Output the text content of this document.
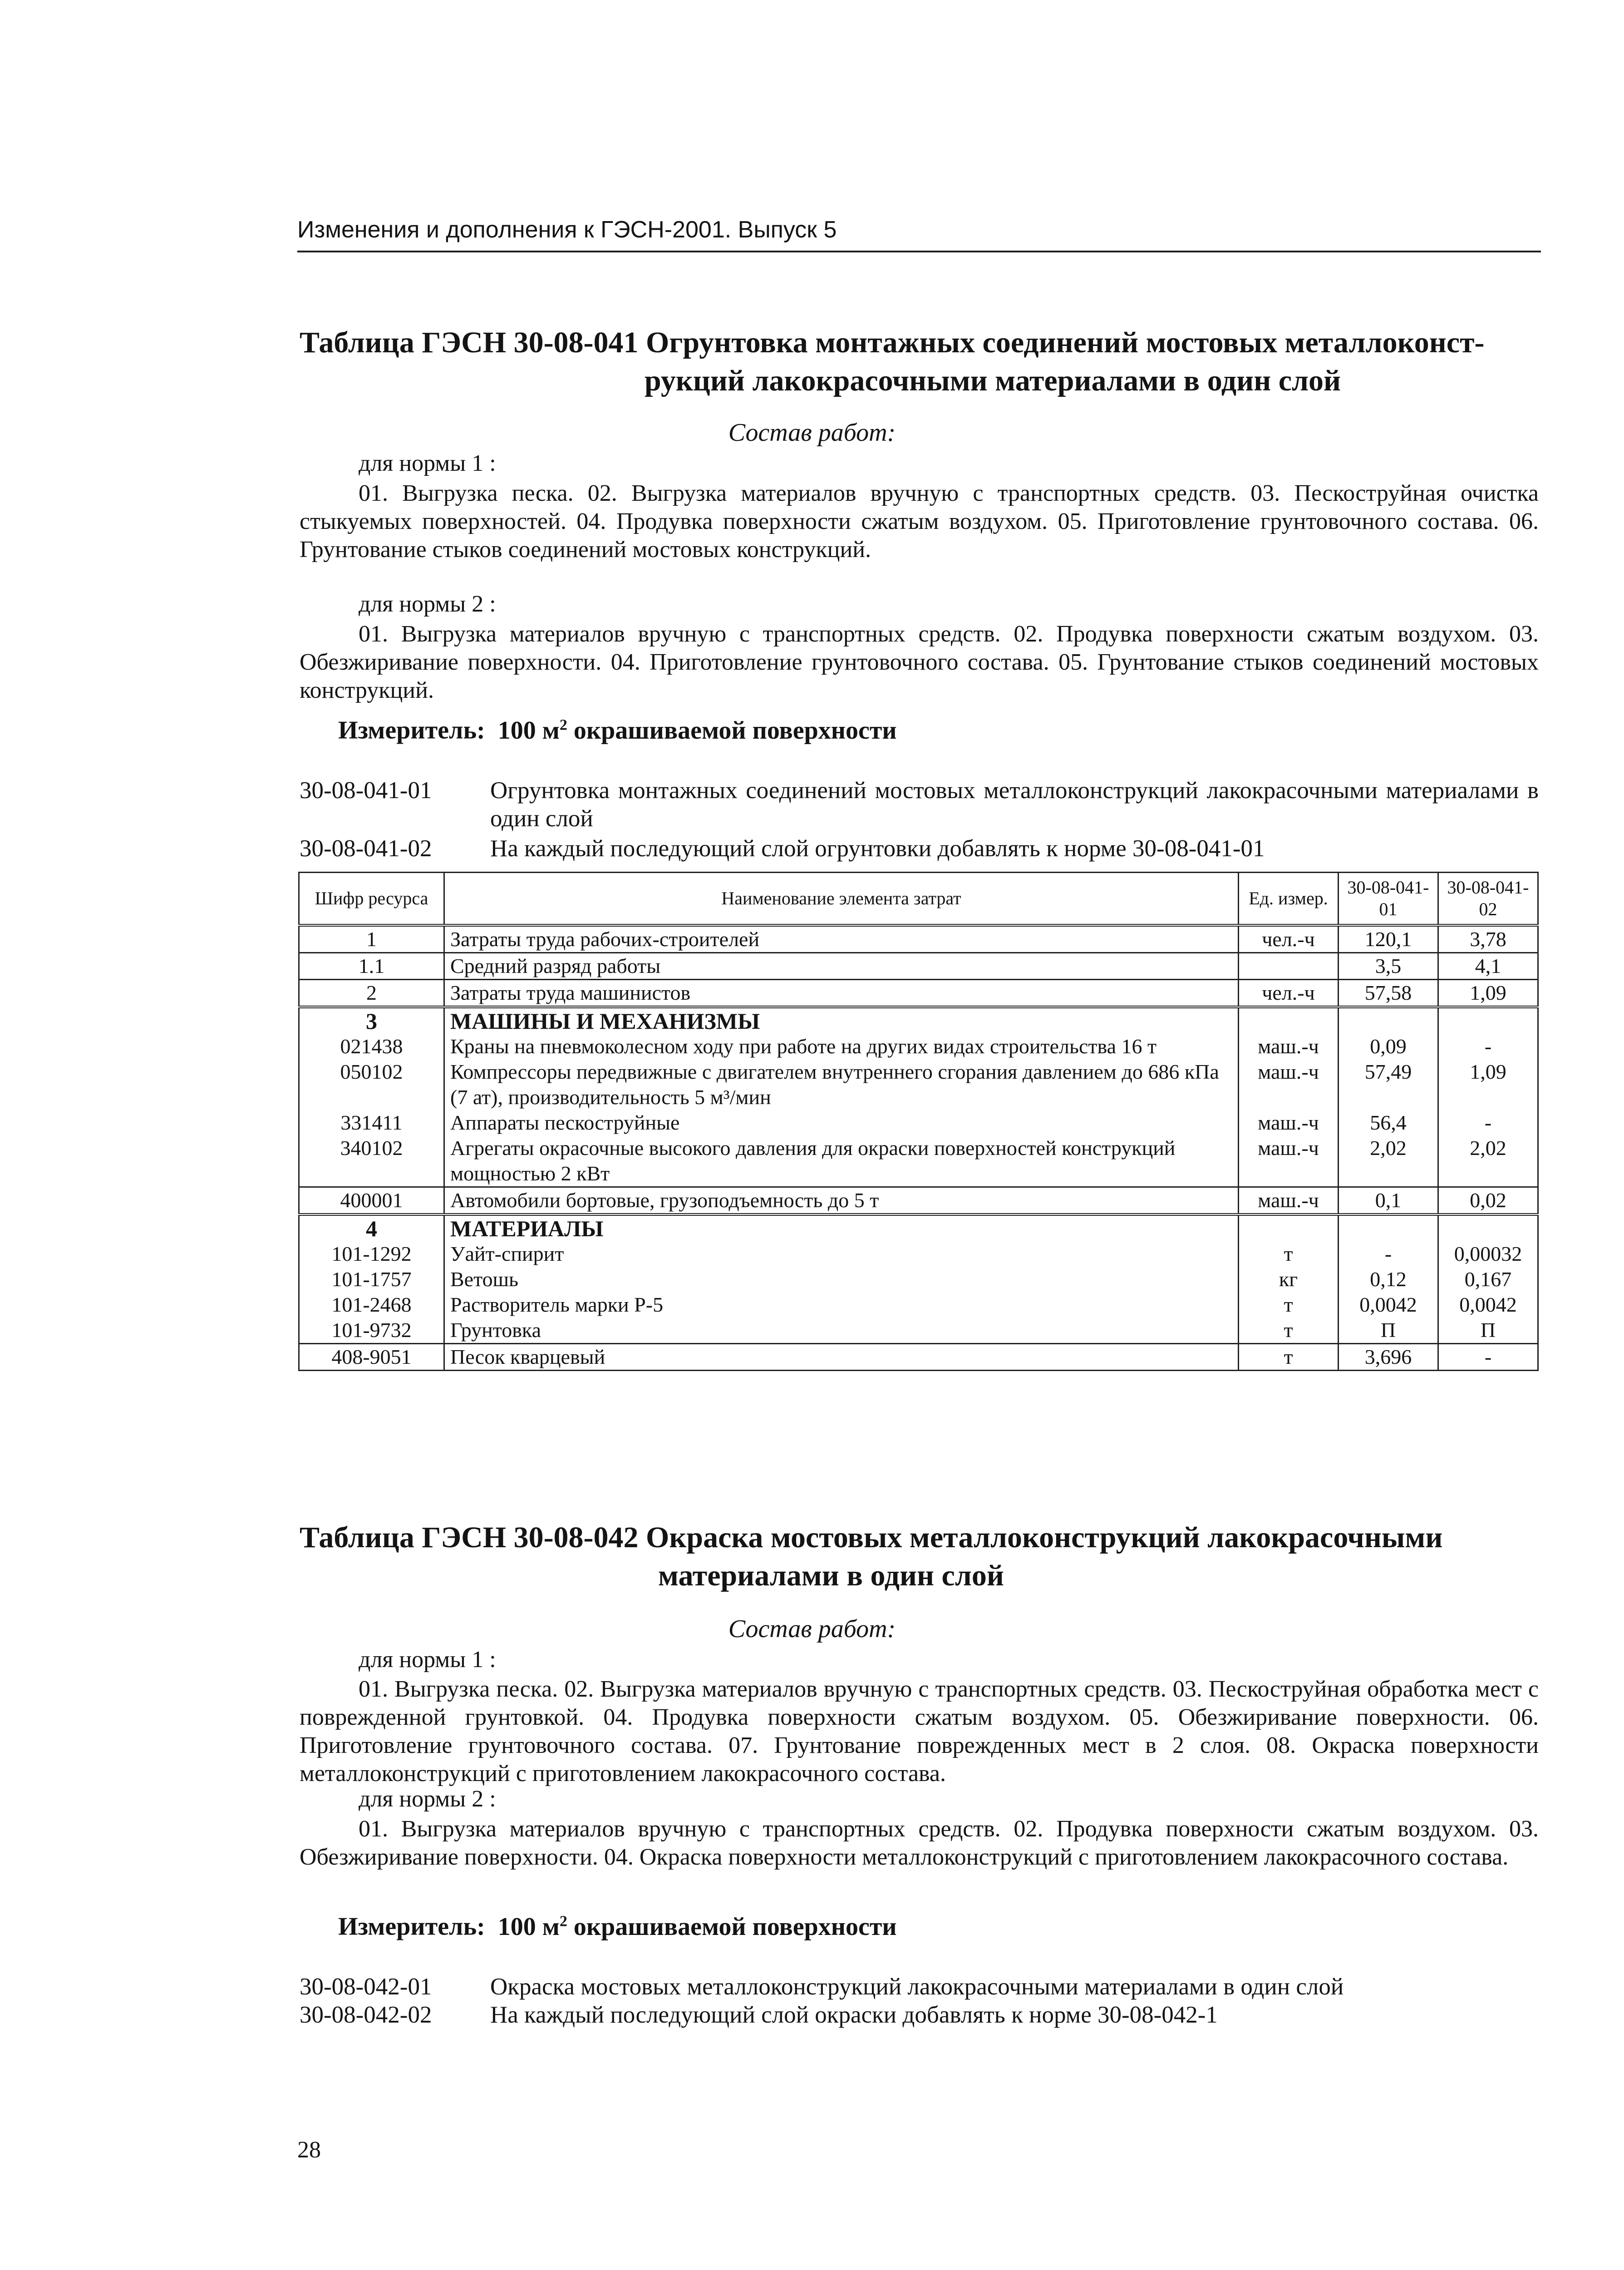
Изменения и дополнения к ГЭСН-2001. Выпуск 5
Таблица ГЭСН 30-08-041 Огрунтовка монтажных соединений мостовых металлоконст-
рукций лакокрасочными материалами в один слой
Состав работ:
для нормы 1 :
01. Выгрузка песка. 02. Выгрузка материалов вручную с транспортных средств. 03. Пескоструйная очистка стыкуемых поверхностей. 04. Продувка поверхности сжатым воздухом. 05. Приготовление грунтовочного состава. 06. Грунтование стыков соединений мостовых конструкций.
для нормы 2 :
01. Выгрузка материалов вручную с транспортных средств. 02. Продувка поверхности сжатым воздухом. 03. Обезжиривание поверхности. 04. Приготовление грунтовочного состава. 05. Грунтование стыков соединений мостовых конструкций.
Измеритель: 100 $м^2$ окрашиваемой поверхности
30-08-041-01	Огрунтовка монтажных соединений мостовых металлоконструкций лакокрасочными материалами в один слой
30-08-041-02	На каждый последующий слой огрунтовки добавлять к норме 30-08-041-01
Шифр ресурса	Наименование элемента затрат	Ед. измер.	30-08-041-01	30-08-041-02
1	Затраты труда рабочих-строителей	чел.-ч	120,1	3,78
1.1	Средний разряд работы		3,5	4,1
2	Затраты труда машинистов	чел.-ч	57,58	1,09
3	МАШИНЫ И МЕХАНИЗМЫ			
021438	Краны на пневмоколесном ходу при работе на других видах строительства 16 т	маш.-ч	0,09	-
050102	Компрессоры передвижные с двигателем внутреннего сгорания давлением до 686 кПа (7 ат), производительность 5 м³/мин	маш.-ч	57,49	1,09
331411	Аппараты пескоструйные	маш.-ч	56,4	-
340102	Агрегаты окрасочные высокого давления для окраски поверхностей конструкций мощностью 2 кВт	маш.-ч	2,02	2,02
400001	Автомобили бортовые, грузоподъемность до 5 т	маш.-ч	0,1	0,02
4	МАТЕРИАЛЫ			
101-1292	Уайт-спирит	т	-	0,00032
101-1757	Ветошь	кг	0,12	0,167
101-2468	Растворитель марки Р-5	т	0,0042	0,0042
101-9732	Грунтовка	т	П	П
408-9051	Песок кварцевый	т	3,696	-
Таблица ГЭСН 30-08-042 Окраска мостовых металлоконструкций лакокрасочными
материалами в один слой
Состав работ:
для нормы 1 :
01. Выгрузка песка. 02. Выгрузка материалов вручную с транспортных средств. 03. Пескоструйная обработка мест с поврежденной грунтовкой. 04. Продувка поверхности сжатым воздухом. 05. Обезжиривание поверхности. 06. Приготовление грунтовочного состава. 07. Грунтование поврежденных мест в 2 слоя. 08. Окраска поверхности металлоконструкций с приготовлением лакокрасочного состава.
для нормы 2 :
01. Выгрузка материалов вручную с транспортных средств. 02. Продувка поверхности сжатым воздухом. 03. Обезжиривание поверхности. 04. Окраска поверхности металлоконструкций с приготовлением лакокрасочного состава.
Измеритель: 100 $м^2$ окрашиваемой поверхности
30-08-042-01	Окраска мостовых металлоконструкций лакокрасочными материалами в один слой
30-08-042-02	На каждый последующий слой окраски добавлять к норме 30-08-042-1
28
